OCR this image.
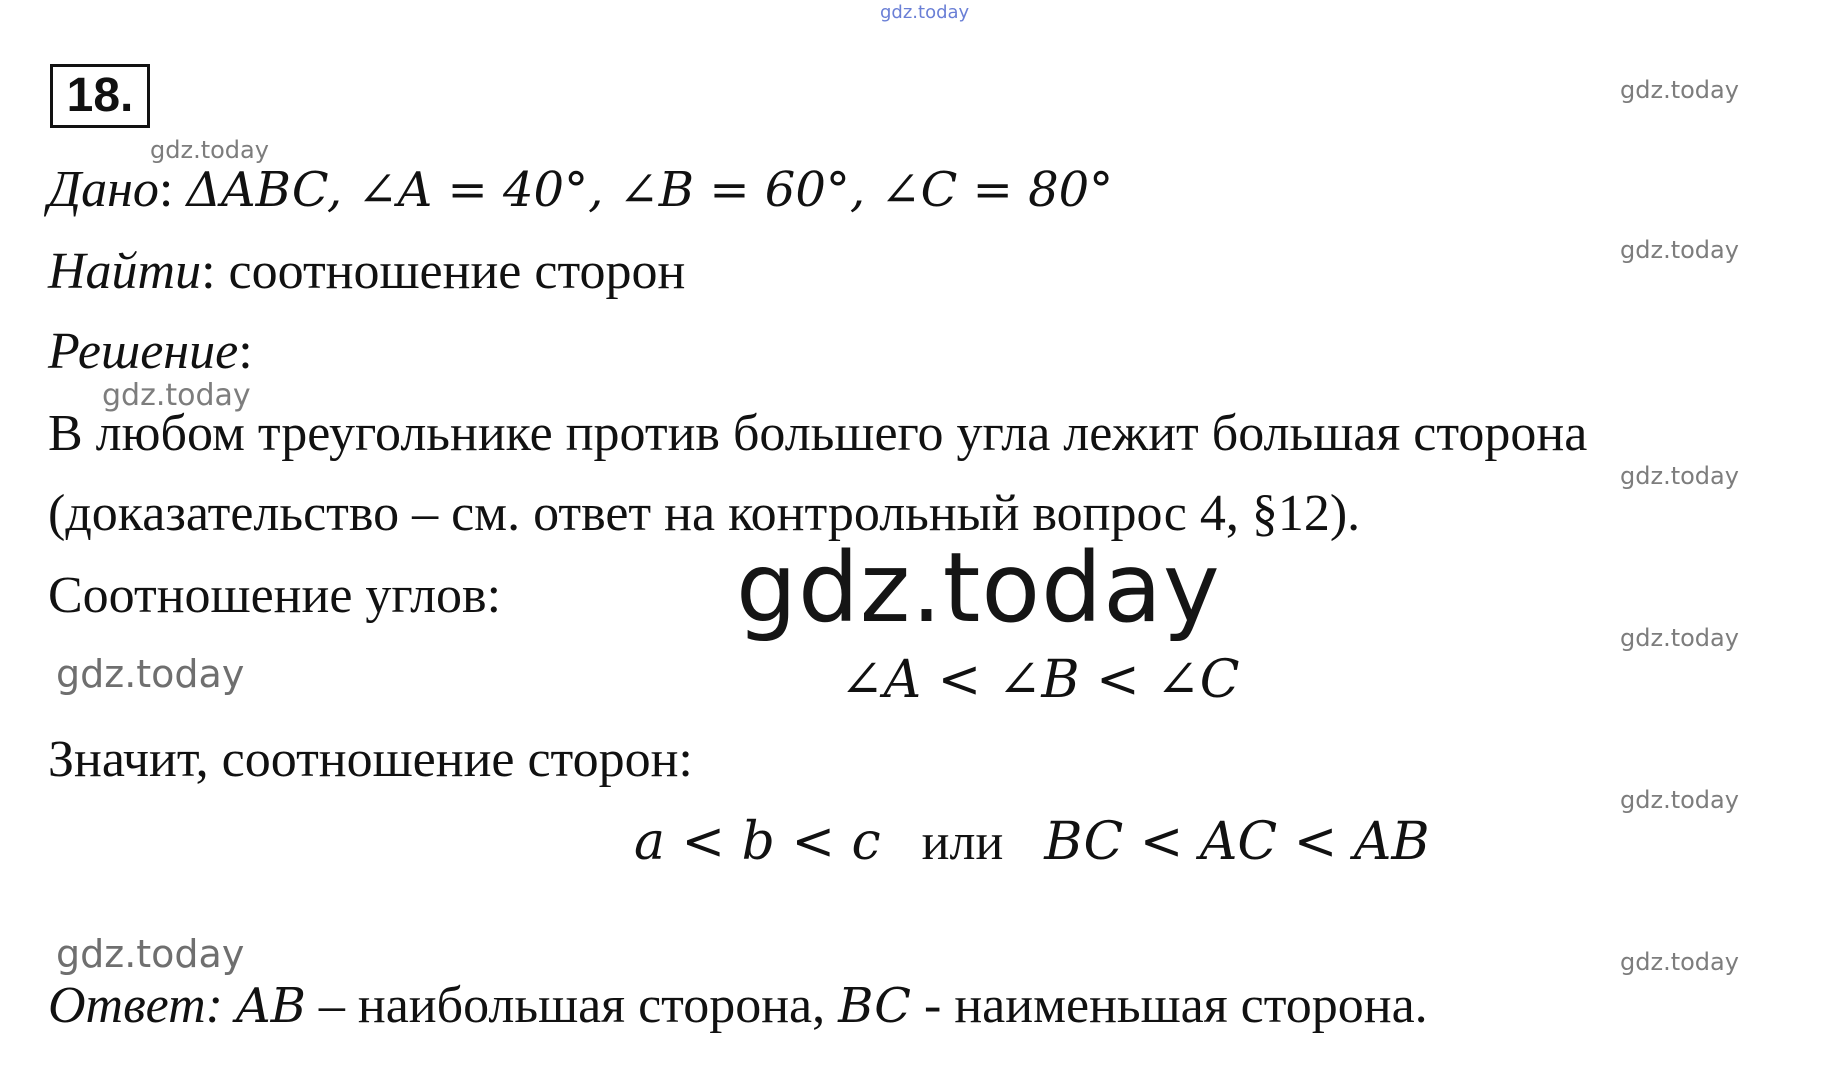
gdz.today
gdz.today
gdz.today
gdz.today
gdz.today
gdz.today
gdz.today
gdz.today
gdz.today
gdz.today	gdz.today
18.
Дано: ΔABC, ∠A = 40°, ∠B = 60°, ∠C = 80°
Найти: соотношение сторон
Решение:
В любом треугольнике против большего угла лежит большая сторона
(доказательство – см. ответ на контрольный вопрос 4, §12).
Соотношение углов: gdz.today
∠A < ∠B < ∠C
Значит, соотношение сторон:
a < b < c или BC < AC < AB
Ответ: AB – наибольшая сторона, BC - наименьшая сторона.
